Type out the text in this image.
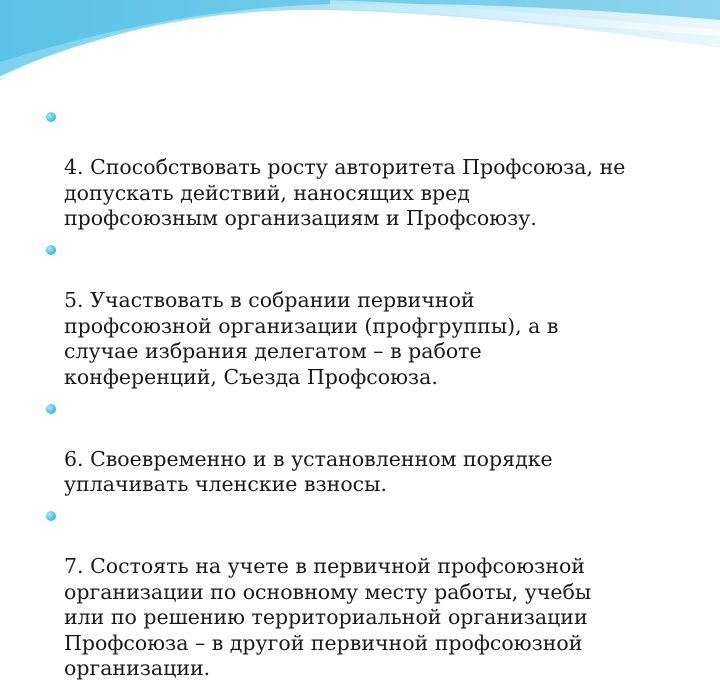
4. Способствовать росту авторитета Профсоюза, не
допускать действий, наносящих вред
профсоюзным организациям и Профсоюзу.

5. Участвовать в собрании первичной
профсоюзной организации (профгруппы), а в
случае избрания делегатом – в работе
конференций, Съезда Профсоюза.

6. Своевременно и в установленном порядке
уплачивать членские взносы.

7. Состоять на учете в первичной профсоюзной
организации по основному месту работы, учебы
или по решению территориальной организации
Профсоюза – в другой первичной профсоюзной
организации.
